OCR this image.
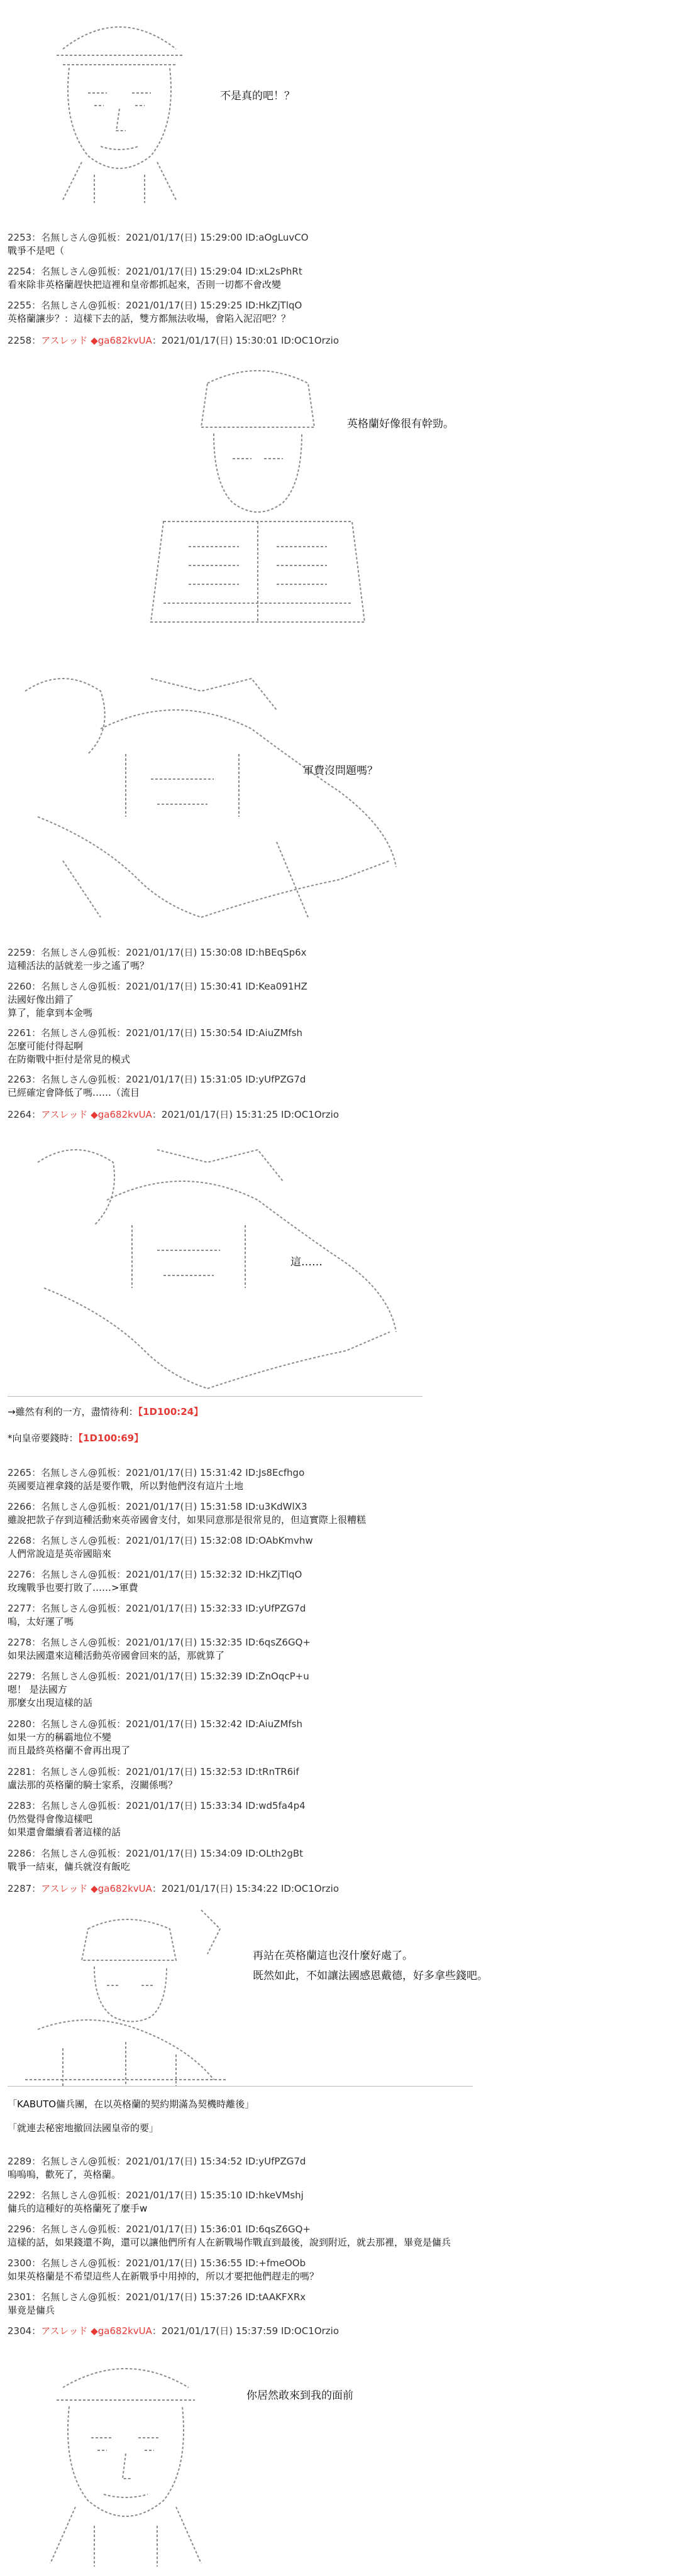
不是真的吧！？
2253：名無しさん@狐板：2021/01/17(日) 15:29:00 ID:aOgLuvCO
戰爭不是吧（
2254：名無しさん@狐板：2021/01/17(日) 15:29:04 ID:xL2sPhRt
看來除非英格蘭趕快把這裡和皇帝都抓起來，否則一切都不會改變
2255：名無しさん@狐板：2021/01/17(日) 15:29:25 ID:HkZjTlqO
英格蘭讓步？：這樣下去的話，雙方都無法收場，會陷入泥沼吧？？
2258：アスレッド ◆ga682kvUA：2021/01/17(日) 15:30:01 ID:OC1Orzio
英格蘭好像很有幹勁。
軍費沒問題嗎？
2259：名無しさん@狐板：2021/01/17(日) 15:30:08 ID:hBEqSp6x
這種活法的話就差一步之遙了嗎？
2260：名無しさん@狐板：2021/01/17(日) 15:30:41 ID:Kea091HZ
法國好像出錯了
算了，能拿到本金嗎
2261：名無しさん@狐板：2021/01/17(日) 15:30:54 ID:AiuZMfsh
怎麼可能付得起啊
在防衛戰中拒付是常見的模式
2263：名無しさん@狐板：2021/01/17(日) 15:31:05 ID:yUfPZG7d
已經確定會降低了嗎……（流目
2264：アスレッド ◆ga682kvUA：2021/01/17(日) 15:31:25 ID:OC1Orzio
這……
→雖然有利的一方，盡情待利：【1D100:24】
*向皇帝要錢時：【1D100:69】
2265：名無しさん@狐板：2021/01/17(日) 15:31:42 ID:Js8Ecfhgo
英國要這裡拿錢的話是要作戰，所以對他們沒有這片土地
2266：名無しさん@狐板：2021/01/17(日) 15:31:58 ID:u3KdWlX3
雖說把款子存到這種活動來英帝國會支付，如果同意那是很常見的，但這實際上很糟糕
2268：名無しさん@狐板：2021/01/17(日) 15:32:08 ID:OAbKmvhw
人們常說這是英帝國賠來
2276：名無しさん@狐板：2021/01/17(日) 15:32:32 ID:HkZjTlqO
玫瑰戰爭也要打敗了……>軍費
2277：名無しさん@狐板：2021/01/17(日) 15:32:33 ID:yUfPZG7d
嗚，太好運了嗎
2278：名無しさん@狐板：2021/01/17(日) 15:32:35 ID:6qsZ6GQ+
如果法國還來這種活動英帝國會回來的話，那就算了
2279：名無しさん@狐板：2021/01/17(日) 15:32:39 ID:ZnOqcP+u
嗯！ 是法國方
那麼女出現這樣的話
2280：名無しさん@狐板：2021/01/17(日) 15:32:42 ID:AiuZMfsh
如果一方的稱霸地位不變
而且最終英格蘭不會再出現了
2281：名無しさん@狐板：2021/01/17(日) 15:32:53 ID:tRnTR6if
盧法那的英格蘭的騎士家系，沒關係嗎？
2283：名無しさん@狐板：2021/01/17(日) 15:33:34 ID:wd5fa4p4
仍然覺得會像這樣吧
如果還會繼續看著這樣的話
2286：名無しさん@狐板：2021/01/17(日) 15:34:09 ID:OLth2gBt
戰爭一結束，傭兵就沒有飯吃
2287：アスレッド ◆ga682kvUA：2021/01/17(日) 15:34:22 ID:OC1Orzio
再站在英格蘭這也沒什麼好處了。
既然如此，不如讓法國感恩戴德，好多拿些錢吧。
「KABUTO傭兵團，在以英格蘭的契約期滿為契機時離後」
「就連去秘密地撤回法國皇帝的要」
2289：名無しさん@狐板：2021/01/17(日) 15:34:52 ID:yUfPZG7d
嗚嗚嗚，歡死了，英格蘭。
2292：名無しさん@狐板：2021/01/17(日) 15:35:10 ID:hkeVMshj
傭兵的這種好的英格蘭死了麼手w
2296：名無しさん@狐板：2021/01/17(日) 15:36:01 ID:6qsZ6GQ+
這樣的話，如果錢還不夠，還可以讓他們所有人在新戰場作戰直到最後，說到附近，就去那裡，畢竟是傭兵
2300：名無しさん@狐板：2021/01/17(日) 15:36:55 ID:+fmeOOb
如果英格蘭是不希望這些人在新戰爭中用掉的，所以才要把他們趕走的嗎？
2301：名無しさん@狐板：2021/01/17(日) 15:37:26 ID:tAAKFXRx
畢竟是傭兵
2304：アスレッド ◆ga682kvUA：2021/01/17(日) 15:37:59 ID:OC1Orzio
你居然敢來到我的面前
